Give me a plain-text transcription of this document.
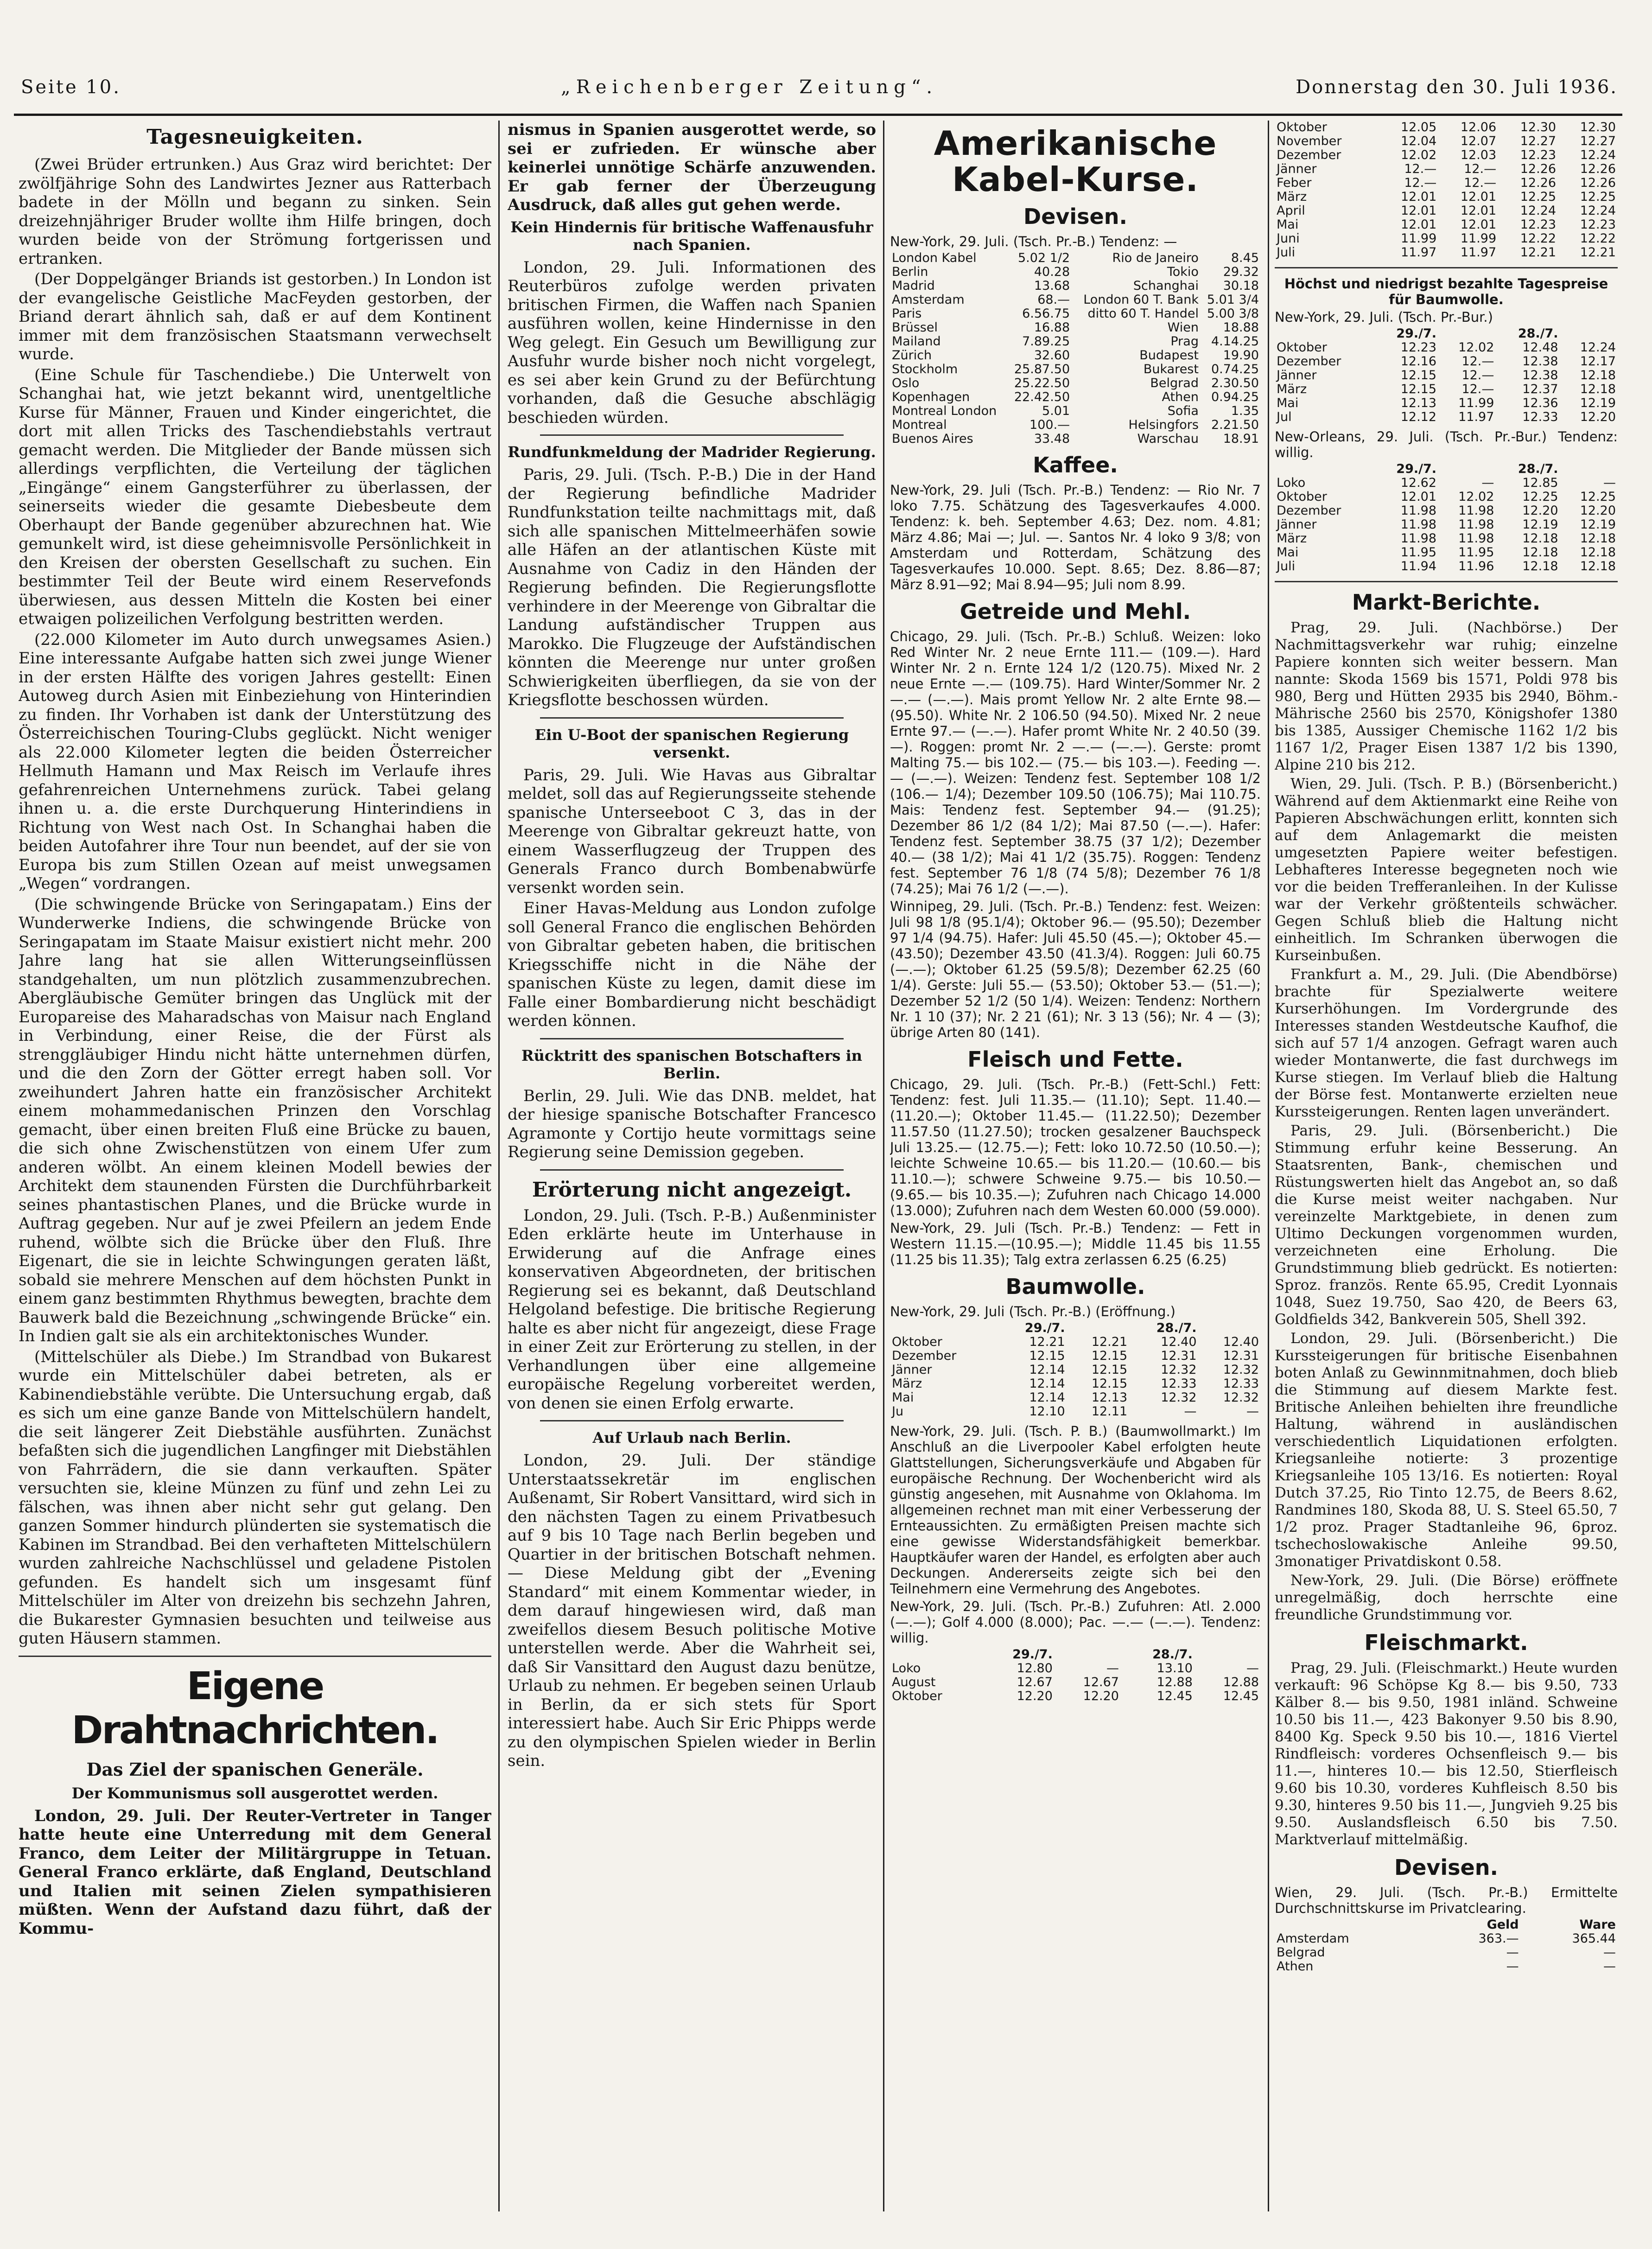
Seite 10.	„Reichenberger Zeitung“.	Donnerstag den 30. Juli 1936.
Tagesneuigkeiten.

(Zwei Brüder ertrunken.) Aus Graz wird berichtet: Der zwölfjährige Sohn des Landwirtes Jezner aus Ratterbach badete in der Mölln und begann zu sinken. Sein dreizehnjähriger Bruder wollte ihm Hilfe bringen, doch wurden beide von der Strömung fortgerissen und ertranken.

(Der Doppelgänger Briands ist gestorben.) In London ist der evangelische Geistliche MacFeyden gestorben, der Briand derart ähnlich sah, daß er auf dem Kontinent immer mit dem französischen Staatsmann verwechselt wurde.

(Eine Schule für Taschendiebe.) Die Unterwelt von Schanghai hat, wie jetzt bekannt wird, unentgeltliche Kurse für Männer, Frauen und Kinder eingerichtet, die dort mit allen Tricks des Taschendiebstahls vertraut gemacht werden. Die Mitglieder der Bande müssen sich allerdings verpflichten, die Verteilung der täglichen „Eingänge“ einem Gangsterführer zu überlassen, der seinerseits wieder die gesamte Diebesbeute dem Oberhaupt der Bande gegenüber abzurechnen hat. Wie gemunkelt wird, ist diese geheimnisvolle Persönlichkeit in den Kreisen der obersten Gesellschaft zu suchen. Ein bestimmter Teil der Beute wird einem Reservefonds überwiesen, aus dessen Mitteln die Kosten bei einer etwaigen polizeilichen Verfolgung bestritten werden.

(22.000 Kilometer im Auto durch unwegsames Asien.) Eine interessante Aufgabe hatten sich zwei junge Wiener in der ersten Hälfte des vorigen Jahres gestellt: Einen Autoweg durch Asien mit Einbeziehung von Hinterindien zu finden. Ihr Vorhaben ist dank der Unterstützung des Österreichischen Touring-Clubs geglückt. Nicht weniger als 22.000 Kilometer legten die beiden Österreicher Hellmuth Hamann und Max Reisch im Verlaufe ihres gefahrenreichen Unternehmens zurück. Tabei gelang ihnen u. a. die erste Durchquerung Hinterindiens in Richtung von West nach Ost. In Schanghai haben die beiden Autofahrer ihre Tour nun beendet, auf der sie von Europa bis zum Stillen Ozean auf meist unwegsamen „Wegen“ vordrangen.

(Die schwingende Brücke von Seringapatam.) Eins der Wunderwerke Indiens, die schwingende Brücke von Seringapatam im Staate Maisur existiert nicht mehr. 200 Jahre lang hat sie allen Witterungseinflüssen standgehalten, um nun plötzlich zusammenzubrechen. Abergläubische Gemüter bringen das Unglück mit der Europareise des Maharadschas von Maisur nach England in Verbindung, einer Reise, die der Fürst als strenggläubiger Hindu nicht hätte unternehmen dürfen, und die den Zorn der Götter erregt haben soll. Vor zweihundert Jahren hatte ein französischer Architekt einem mohammedanischen Prinzen den Vorschlag gemacht, über einen breiten Fluß eine Brücke zu bauen, die sich ohne Zwischenstützen von einem Ufer zum anderen wölbt. An einem kleinen Modell bewies der Architekt dem staunenden Fürsten die Durchführbarkeit seines phantastischen Planes, und die Brücke wurde in Auftrag gegeben. Nur auf je zwei Pfeilern an jedem Ende ruhend, wölbte sich die Brücke über den Fluß. Ihre Eigenart, die sie in leichte Schwingungen geraten läßt, sobald sie mehrere Menschen auf dem höchsten Punkt in einem ganz bestimmten Rhythmus bewegten, brachte dem Bauwerk bald die Bezeichnung „schwingende Brücke“ ein. In Indien galt sie als ein architektonisches Wunder.

(Mittelschüler als Diebe.) Im Strandbad von Bukarest wurde ein Mittelschüler dabei betreten, als er Kabinendiebstähle verübte. Die Untersuchung ergab, daß es sich um eine ganze Bande von Mittelschülern handelt, die seit längerer Zeit Diebstähle ausführten. Zunächst befaßten sich die jugendlichen Langfinger mit Diebstählen von Fahrrädern, die sie dann verkauften. Später versuchten sie, kleine Münzen zu fünf und zehn Lei zu fälschen, was ihnen aber nicht sehr gut gelang. Den ganzen Sommer hindurch plünderten sie systematisch die Kabinen im Strandbad. Bei den verhafteten Mittelschülern wurden zahlreiche Nachschlüssel und geladene Pistolen gefunden. Es handelt sich um insgesamt fünf Mittelschüler im Alter von dreizehn bis sechzehn Jahren, die Bukarester Gymnasien besuchten und teilweise aus guten Häusern stammen.

Eigene Drahtnachrichten.
Das Ziel der spanischen Generäle.
Der Kommunismus soll ausgerottet werden.

London, 29. Juli. Der Reuter-Vertreter in Tanger hatte heute eine Unterredung mit dem General Franco, dem Leiter der Militärgruppe in Tetuan. General Franco erklärte, daß England, Deutschland und Italien mit seinen Zielen sympathisieren müßten. Wenn der Aufstand dazu führt, daß der Kommu-

nismus in Spanien ausgerottet werde, so sei er zufrieden. Er wünsche aber keinerlei unnötige Schärfe anzuwenden. Er gab ferner der Überzeugung Ausdruck, daß alles gut gehen werde.

Kein Hindernis für britische Waffenausfuhr nach Spanien.

London, 29. Juli. Informationen des Reuterbüros zufolge werden privaten britischen Firmen, die Waffen nach Spanien ausführen wollen, keine Hindernisse in den Weg gelegt. Ein Gesuch um Bewilligung zur Ausfuhr wurde bisher noch nicht vorgelegt, es sei aber kein Grund zu der Befürchtung vorhanden, daß die Gesuche abschlägig beschieden würden.

Rundfunkmeldung der Madrider Regierung.

Paris, 29. Juli. (Tsch. P.-B.) Die in der Hand der Regierung befindliche Madrider Rundfunkstation teilte nachmittags mit, daß sich alle spanischen Mittelmeerhäfen sowie alle Häfen an der atlantischen Küste mit Ausnahme von Cadiz in den Händen der Regierung befinden. Die Regierungsflotte verhindere in der Meerenge von Gibraltar die Landung aufständischer Truppen aus Marokko. Die Flugzeuge der Aufständischen könnten die Meerenge nur unter großen Schwierigkeiten überfliegen, da sie von der Kriegsflotte beschossen würden.

Ein U-Boot der spanischen Regierung versenkt.

Paris, 29. Juli. Wie Havas aus Gibraltar meldet, soll das auf Regierungsseite stehende spanische Unterseeboot C 3, das in der Meerenge von Gibraltar gekreuzt hatte, von einem Wasserflugzeug der Truppen des Generals Franco durch Bombenabwürfe versenkt worden sein.

Einer Havas-Meldung aus London zufolge soll General Franco die englischen Behörden von Gibraltar gebeten haben, die britischen Kriegsschiffe nicht in die Nähe der spanischen Küste zu legen, damit diese im Falle einer Bombardierung nicht beschädigt werden können.

Rücktritt des spanischen Botschafters in Berlin.

Berlin, 29. Juli. Wie das DNB. meldet, hat der hiesige spanische Botschafter Francesco Agramonte y Cortijo heute vormittags seine Regierung seine Demission gegeben.

Erörterung nicht angezeigt.

London, 29. Juli. (Tsch. P.-B.) Außenminister Eden erklärte heute im Unterhause in Erwiderung auf die Anfrage eines konservativen Abgeordneten, der britischen Regierung sei es bekannt, daß Deutschland Helgoland befestige. Die britische Regierung halte es aber nicht für angezeigt, diese Frage in einer Zeit zur Erörterung zu stellen, in der Verhandlungen über eine allgemeine europäische Regelung vorbereitet werden, von denen sie einen Erfolg erwarte.

Auf Urlaub nach Berlin.

London, 29. Juli. Der ständige Unterstaatssekretär im englischen Außenamt, Sir Robert Vansittard, wird sich in den nächsten Tagen zu einem Privatbesuch auf 9 bis 10 Tage nach Berlin begeben und Quartier in der britischen Botschaft nehmen. — Diese Meldung gibt der „Evening Standard“ mit einem Kommentar wieder, in dem darauf hingewiesen wird, daß man zweifellos diesem Besuch politische Motive unterstellen werde. Aber die Wahrheit sei, daß Sir Vansittard den August dazu benütze, Urlaub zu nehmen. Er begeben seinen Urlaub in Berlin, da er sich stets für Sport interessiert habe. Auch Sir Eric Phipps werde zu den olympischen Spielen wieder in Berlin sein.

Amerikanische Kabel-Kurse.
Devisen.
New-York, 29. Juli. (Tsch. Pr.-B.) Tendenz: —
London Kabel	5.02 1/2	Rio de Janeiro	8.45
Berlin	40.28	Tokio	29.32
Madrid	13.68	Schanghai	30.18
Amsterdam	68.—	London 60 T. Bank	5.01 3/4
Paris	6.56.75	ditto 60 T. Handel	5.00 3/8
Brüssel	16.88	Wien	18.88
Mailand	7.89.25	Prag	4.14.25
Zürich	32.60	Budapest	19.90
Stockholm	25.87.50	Bukarest	0.74.25
Oslo	25.22.50	Belgrad	2.30.50
Kopenhagen	22.42.50	Athen	0.94.25
Montreal London	5.01	Sofia	1.35
Montreal	100.—	Helsingfors	2.21.50
Buenos Aires	33.48	Warschau	18.91
Kaffee.

New-York, 29. Juli (Tsch. Pr.-B.) Tendenz: — Rio Nr. 7 loko 7.75. Schätzung des Tagesverkaufes 4.000. Tendenz: k. beh. September 4.63; Dez. nom. 4.81; März 4.86; Mai —; Jul. —. Santos Nr. 4 loko 9 3/8; von Amsterdam und Rotterdam, Schätzung des Tagesverkaufes 10.000. Sept. 8.65; Dez. 8.86—87; März 8.91—92; Mai 8.94—95; Juli nom 8.99.

Getreide und Mehl.

Chicago, 29. Juli. (Tsch. Pr.-B.) Schluß. Weizen: loko Red Winter Nr. 2 neue Ernte 111.— (109.—). Hard Winter Nr. 2 n. Ernte 124 1/2 (120.75). Mixed Nr. 2 neue Ernte —.— (109.75). Hard Winter/Sommer Nr. 2 —.— (—.—). Mais promt Yellow Nr. 2 alte Ernte 98.— (95.50). White Nr. 2 106.50 (94.50). Mixed Nr. 2 neue Ernte 97.— (—.—). Hafer promt White Nr. 2 40.50 (39.—). Roggen: promt Nr. 2 —.— (—.—). Gerste: promt Malting 75.— bis 102.— (75.— bis 103.—). Feeding —.— (—.—). Weizen: Tendenz fest. September 108 1/2 (106.— 1/4); Dezember 109.50 (106.75); Mai 110.75. Mais: Tendenz fest. September 94.— (91.25); Dezember 86 1/2 (84 1/2); Mai 87.50 (—.—). Hafer: Tendenz fest. September 38.75 (37 1/2); Dezember 40.— (38 1/2); Mai 41 1/2 (35.75). Roggen: Tendenz fest. September 76 1/8 (74 5/8); Dezember 76 1/8 (74.25); Mai 76 1/2 (—.—).

Winnipeg, 29. Juli. (Tsch. Pr.-B.) Tendenz: fest. Weizen: Juli 98 1/8 (95.1/4); Oktober 96.— (95.50); Dezember 97 1/4 (94.75). Hafer: Juli 45.50 (45.—); Oktober 45.— (43.50); Dezember 43.50 (41.3/4). Roggen: Juli 60.75 (—.—); Oktober 61.25 (59.5/8); Dezember 62.25 (60 1/4). Gerste: Juli 55.— (53.50); Oktober 53.— (51.—); Dezember 52 1/2 (50 1/4). Weizen: Tendenz: Northern Nr. 1 10 (37); Nr. 2 21 (61); Nr. 3 13 (56); Nr. 4 — (3); übrige Arten 80 (141).

Fleisch und Fette.

Chicago, 29. Juli. (Tsch. Pr.-B.) (Fett-Schl.) Fett: Tendenz: fest. Juli 11.35.— (11.10); Sept. 11.40.— (11.20.—); Oktober 11.45.— (11.22.50); Dezember 11.57.50 (11.27.50); trocken gesalzener Bauchspeck Juli 13.25.— (12.75.—); Fett: loko 10.72.50 (10.50.—); leichte Schweine 10.65.— bis 11.20.— (10.60.— bis 11.10.—); schwere Schweine 9.75.— bis 10.50.— (9.65.— bis 10.35.—); Zufuhren nach Chicago 14.000 (13.000); Zufuhren nach dem Westen 60.000 (59.000).

New-York, 29. Juli (Tsch. Pr.-B.) Tendenz: — Fett in Western 11.15.—(10.95.—); Middle 11.45 bis 11.55 (11.25 bis 11.35); Talg extra zerlassen 6.25 (6.25)

Baumwolle.
New-York, 29. Juli (Tsch. Pr.-B.) (Eröffnung.)
	29./7.		28./7.	
Oktober	12.21	12.21	12.40	12.40
Dezember	12.15	12.15	12.31	12.31
Jänner	12.14	12.15	12.32	12.32
März	12.14	12.15	12.33	12.33
Mai	12.14	12.13	12.32	12.32
Ju	12.10	12.11	—	—

New-York, 29. Juli. (Tsch. P. B.) (Baumwollmarkt.) Im Anschluß an die Liverpooler Kabel erfolgten heute Glattstellungen, Sicherungsverkäufe und Abgaben für europäische Rechnung. Der Wochenbericht wird als günstig angesehen, mit Ausnahme von Oklahoma. Im allgemeinen rechnet man mit einer Verbesserung der Ernteaussichten. Zu ermäßigten Preisen machte sich eine gewisse Widerstandsfähigkeit bemerkbar. Hauptkäufer waren der Handel, es erfolgten aber auch Deckungen. Andererseits zeigte sich bei den Teilnehmern eine Vermehrung des Angebotes.

New-York, 29. Juli. (Tsch. Pr.-B.) Zufuhren: Atl. 2.000 (—.—); Golf 4.000 (8.000); Pac. —.— (—.—). Tendenz: willig.

	29./7.		28./7.	
Loko	12.80	—	13.10	—
August	12.67	12.67	12.88	12.88
Oktober	12.20	12.20	12.45	12.45
Oktober	12.05	12.06	12.30	12.30
November	12.04	12.07	12.27	12.27
Dezember	12.02	12.03	12.23	12.24
Jänner	12.—	12.—	12.26	12.26
Feber	12.—	12.—	12.26	12.26
März	12.01	12.01	12.25	12.25
April	12.01	12.01	12.24	12.24
Mai	12.01	12.01	12.23	12.23
Juni	11.99	11.99	12.22	12.22
Juli	11.97	11.97	12.21	12.21
Höchst und niedrigst bezahlte Tagespreise für Baumwolle.
New-York, 29. Juli. (Tsch. Pr.-Bur.)
	29./7.		28./7.	
Oktober	12.23	12.02	12.48	12.24
Dezember	12.16	12.—	12.38	12.17
Jänner	12.15	12.—	12.38	12.18
März	12.15	12.—	12.37	12.18
Mai	12.13	11.99	12.36	12.19
Jul	12.12	11.97	12.33	12.20
New-Orleans, 29. Juli. (Tsch. Pr.-Bur.) Tendenz: willig.
	29./7.		28./7.	
Loko	12.62	—	12.85	—
Oktober	12.01	12.02	12.25	12.25
Dezember	11.98	11.98	12.20	12.20
Jänner	11.98	11.98	12.19	12.19
März	11.98	11.98	12.18	12.18
Mai	11.95	11.95	12.18	12.18
Juli	11.94	11.96	12.18	12.18
Markt-Berichte.

Prag, 29. Juli. (Nachbörse.) Der Nachmittagsverkehr war ruhig; einzelne Papiere konnten sich weiter bessern. Man nannte: Skoda 1569 bis 1571, Poldi 978 bis 980, Berg und Hütten 2935 bis 2940, Böhm.-Mährische 2560 bis 2570, Königshofer 1380 bis 1385, Aussiger Chemische 1162 1/2 bis 1167 1/2, Prager Eisen 1387 1/2 bis 1390, Alpine 210 bis 212.

Wien, 29. Juli. (Tsch. P. B.) (Börsenbericht.) Während auf dem Aktienmarkt eine Reihe von Papieren Abschwächungen erlitt, konnten sich auf dem Anlagemarkt die meisten umgesetzten Papiere weiter befestigen. Lebhafteres Interesse begegneten noch wie vor die beiden Trefferanleihen. In der Kulisse war der Verkehr größtenteils schwächer. Gegen Schluß blieb die Haltung nicht einheitlich. Im Schranken überwogen die Kurseinbußen.

Frankfurt a. M., 29. Juli. (Die Abendbörse) brachte für Spezialwerte weitere Kurserhöhungen. Im Vordergrunde des Interesses standen Westdeutsche Kaufhof, die sich auf 57 1/4 anzogen. Gefragt waren auch wieder Montanwerte, die fast durchwegs im Kurse stiegen. Im Verlauf blieb die Haltung der Börse fest. Montanwerte erzielten neue Kurssteigerungen. Renten lagen unverändert.

Paris, 29. Juli. (Börsenbericht.) Die Stimmung erfuhr keine Besserung. An Staatsrenten, Bank-, chemischen und Rüstungswerten hielt das Angebot an, so daß die Kurse meist weiter nachgaben. Nur vereinzelte Marktgebiete, in denen zum Ultimo Deckungen vorgenommen wurden, verzeichneten eine Erholung. Die Grundstimmung blieb gedrückt. Es notierten: Sproz. französ. Rente 65.95, Credit Lyonnais 1048, Suez 19.750, Sao 420, de Beers 63, Goldfields 342, Bankverein 505, Shell 392.

London, 29. Juli. (Börsenbericht.) Die Kurssteigerungen für britische Eisenbahnen boten Anlaß zu Gewinnmitnahmen, doch blieb die Stimmung auf diesem Markte fest. Britische Anleihen behielten ihre freundliche Haltung, während in ausländischen verschiedentlich Liquidationen erfolgten. Kriegsanleihe notierte: 3 prozentige Kriegsanleihe 105 13/16. Es notierten: Royal Dutch 37.25, Rio Tinto 12.75, de Beers 8.62, Randmines 180, Skoda 88, U. S. Steel 65.50, 7 1/2 proz. Prager Stadtanleihe 96, 6proz. tschechoslowakische Anleihe 99.50, 3monatiger Privatdiskont 0.58.

New-York, 29. Juli. (Die Börse) eröffnete unregelmäßig, doch herrschte eine freundliche Grundstimmung vor.

Fleischmarkt.

Prag, 29. Juli. (Fleischmarkt.) Heute wurden verkauft: 96 Schöpse Kg 8.— bis 9.50, 733 Kälber 8.— bis 9.50, 1981 inländ. Schweine 10.50 bis 11.—, 423 Bakonyer 9.50 bis 8.90, 8400 Kg. Speck 9.50 bis 10.—, 1816 Viertel Rindfleisch: vorderes Ochsenfleisch 9.— bis 11.—, hinteres 10.— bis 12.50, Stierfleisch 9.60 bis 10.30, vorderes Kuhfleisch 8.50 bis 9.30, hinteres 9.50 bis 11.—, Jungvieh 9.25 bis 9.50. Auslandsfleisch 6.50 bis 7.50. Marktverlauf mittelmäßig.

Devisen.
Wien, 29. Juli. (Tsch. Pr.-B.) Ermittelte Durchschnittskurse im Privatclearing.
	Geld	Ware
Amsterdam	363.—	365.44
Belgrad	—	—
Athen	—	—
